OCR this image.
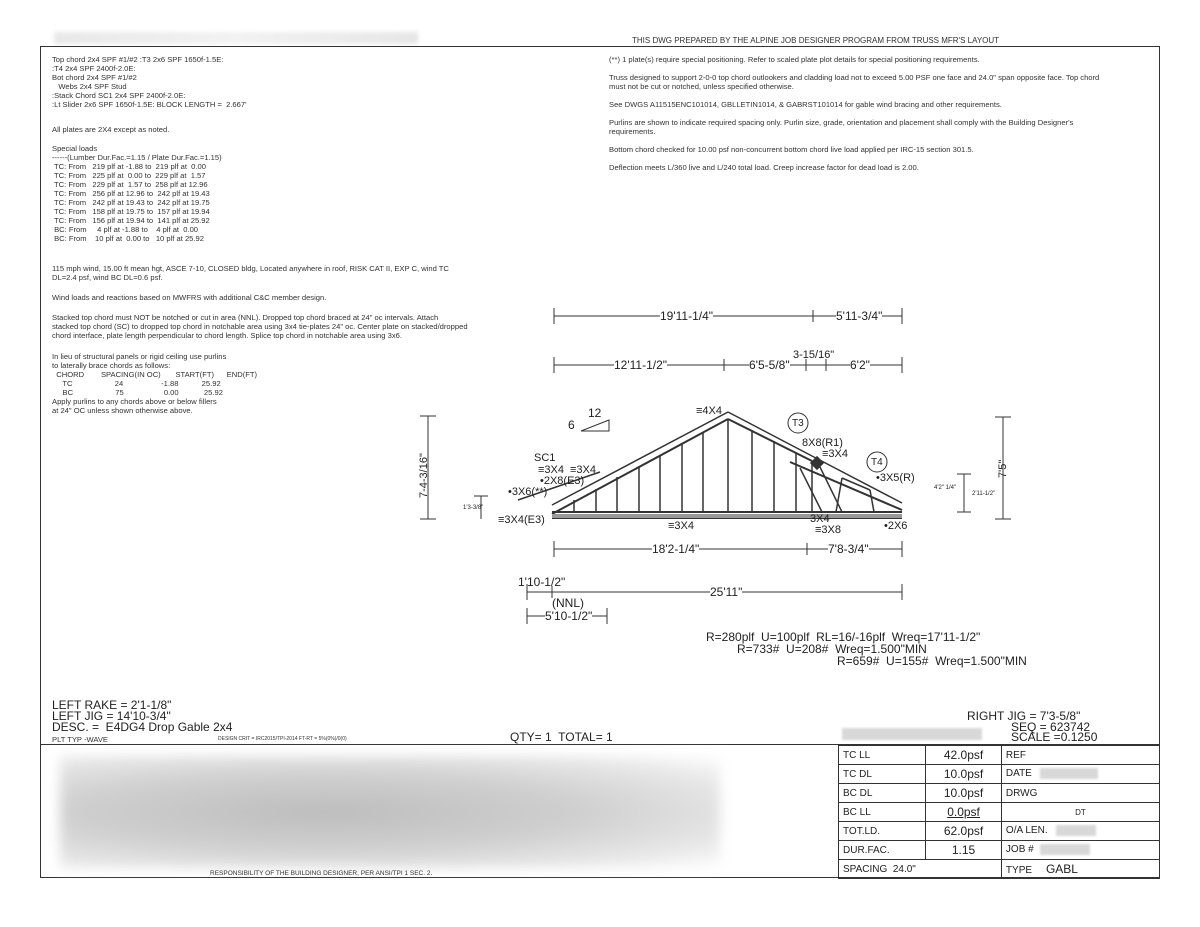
THIS DWG PREPARED BY THE ALPINE JOB DESIGNER PROGRAM FROM TRUSS MFR'S LAYOUT
Top chord 2x4 SPF #1/#2 :T3 2x6 SPF 1650f-1.5E:
:T4 2x4 SPF 2400f-2.0E:
Bot chord 2x4 SPF #1/#2
Webs 2x4 SPF Stud
:Stack Chord SC1 2x4 SPF 2400f-2.0E:
:Lt Slider 2x6 SPF 1650f-1.5E: BLOCK LENGTH =  2.667'
All plates are 2X4 except as noted.
Special loads
------(Lumber Dur.Fac.=1.15 / Plate Dur.Fac.=1.15)
TC: From   219 plf at -1.88 to  219 plf at  0.00
TC: From   225 plf at  0.00 to  229 plf at  1.57
TC: From   229 plf at  1.57 to  258 plf at 12.96
TC: From   256 plf at 12.96 to  242 plf at 19.43
TC: From   242 plf at 19.43 to  242 plf at 19.75
TC: From   158 plf at 19.75 to  157 plf at 19.94
TC: From   156 plf at 19.94 to  141 plf at 25.92
BC: From     4 plf at -1.88 to    4 plf at  0.00
BC: From    10 plf at  0.00 to   10 plf at 25.92
115 mph wind, 15.00 ft mean hgt, ASCE 7-10, CLOSED bldg, Located anywhere in roof, RISK CAT II, EXP C, wind TC
DL=2.4 psf, wind BC DL=0.6 psf.
Wind loads and reactions based on MWFRS with additional C&C member design.
Stacked top chord must NOT be notched or cut in area (NNL). Dropped top chord braced at 24" oc intervals. Attach
stacked top chord (SC) to dropped top chord in notchable area using 3x4 tie-plates 24" oc. Center plate on stacked/dropped
chord interface, plate length perpendicular to chord length. Splice top chord in notchable area using 3x6.
In lieu of structural panels or rigid ceiling use purlins
to laterally brace chords as follows:
CHORD        SPACING(IN OC)       START(FT)      END(FT)
TC                    24                  -1.88           25.92
BC                    75                   0.00            25.92
Apply purlins to any chords above or below fillers
at 24" OC unless shown otherwise above.

(**) 1 plate(s) require special positioning. Refer to scaled plate plot details for special positioning requirements.

Truss designed to support 2-0-0 top chord outlookers and cladding load not to exceed 5.00 PSF one face and 24.0" span opposite face. Top chord must not be cut or notched, unless specified otherwise.

See DWGS A11515ENC101014, GBLLETIN1014, & GABRST101014 for gable wind bracing and other requirements.

Purlins are shown to indicate required spacing only. Purlin size, grade, orientation and placement shall comply with the Building Designer's requirements.

Bottom chord checked for 10.00 psf non-concurrent bottom chord live load applied per IRC-15 section 301.5.

Deflection meets L/360 live and L/240 total load. Creep increase factor for dead load is 2.00.

19'11-1/4"	5'11-3/4"
12'11-1/2"	6'5-5/8"
3-15/16"
6'2"
6
12	≡4X4
T3
8X8(R1)
≡3X4
T4
•3X5(R)
SC1
≡3X4 ≡3X4
•2X8(E3)
•3X6(**)
≡3X4(E3)	≡3X4
3X4
≡3X8	•2X6
7-4-3/16"	7'5"
1'3-3/8"
2'11-1/2"
4'2" 1/4"
18'2-1/4"	7'8-3/4"
1'10-1/2"
25'11"
(NNL)
5'10-1/2"
R=280plf  U=100plf  RL=16/-16plf  Wreq=17'11-1/2"
R=733#  U=208#  Wreq=1.500"MIN
R=659#  U=155#  Wreq=1.500"MIN
LEFT RAKE = 2'1-1/8"
LEFT JIG = 14'10-3/4"
DESC. =  E4DG4 Drop Gable 2x4
PLT TYP -WAVE	DESIGN CRIT = IRC2015/TPI-2014 FT-RT = 5%(0%)/0(0)	QTY= 1  TOTAL= 1
RIGHT JIG = 7'3-5/8"
SEQ = 623742
SCALE =0.1250
RESPONSIBILITY OF THE BUILDING DESIGNER, PER ANSI/TPI 1 SEC. 2.
TC LL	42.0psf	REF
TC DL	10.0psf	DATE
BC DL	10.0psf	DRWG
BC LL	0.0psf	DT
TOT.LD.	62.0psf	O/A LEN.
DUR.FAC.	1.15	JOB #
SPACING 24.0"		TYPE GABL
